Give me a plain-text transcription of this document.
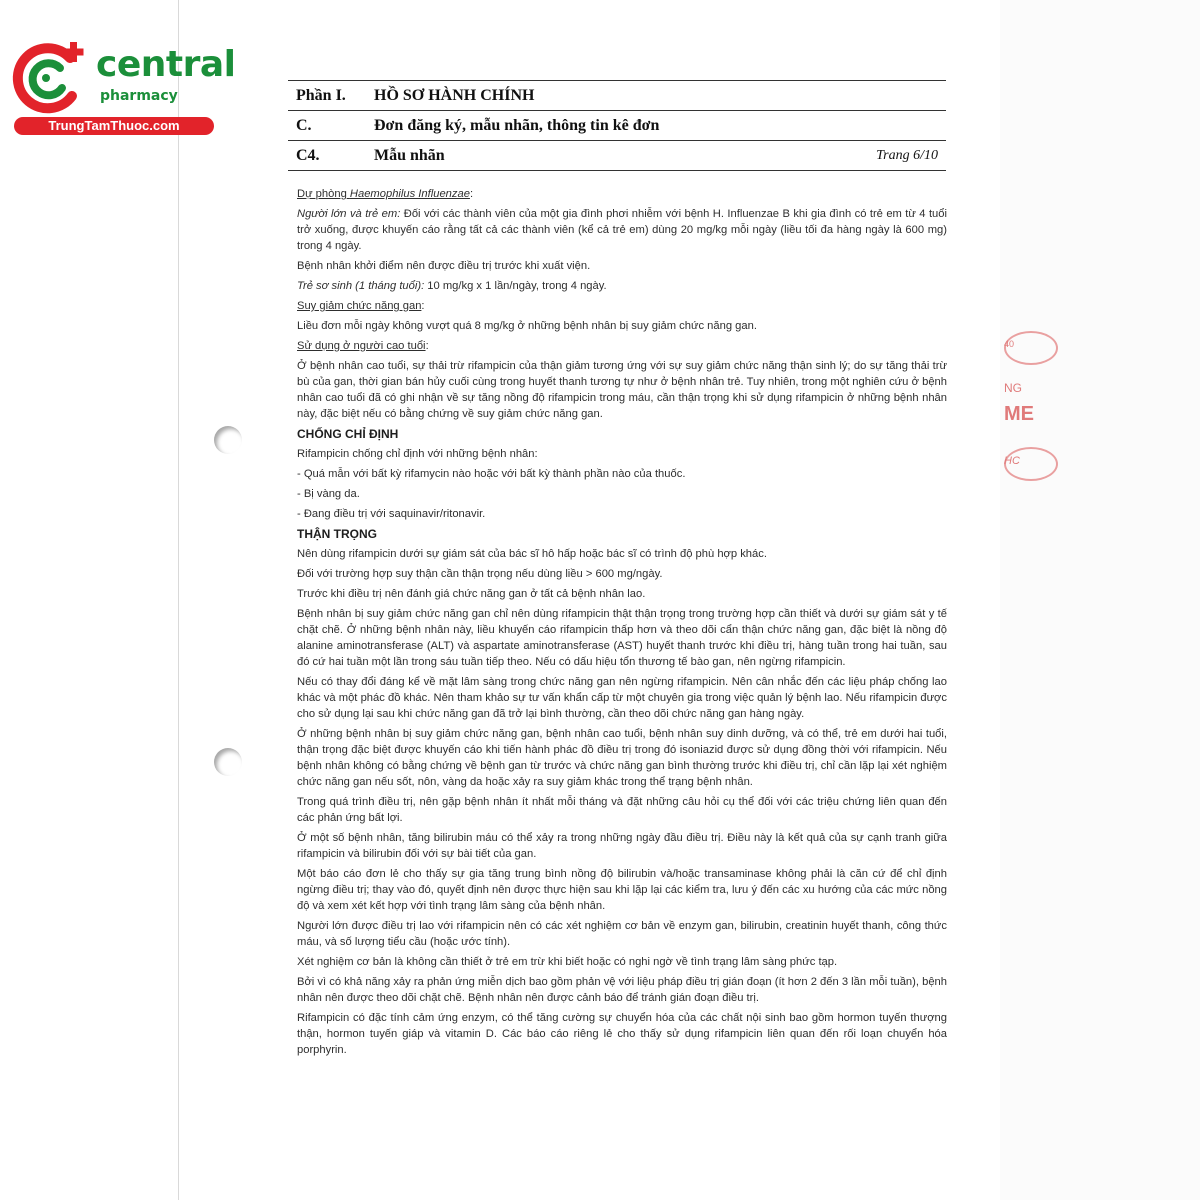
central
pharmacy
TrungTamThuoc.com
Phần I. HỒ SƠ HÀNH CHÍNH
C.	Đơn đăng ký, mẫu nhãn, thông tin kê đơn
C4.	Mẫu nhãn	Trang 6/10

Dự phòng Haemophilus Influenzae:

Người lớn và trẻ em: Đối với các thành viên của một gia đình phơi nhiễm với bệnh H. Influenzae B khi gia đình có trẻ em từ 4 tuổi trở xuống, được khuyến cáo rằng tất cả các thành viên (kể cả trẻ em) dùng 20 mg/kg mỗi ngày (liều tối đa hàng ngày là 600 mg) trong 4 ngày.

Bệnh nhân khởi điểm nên được điều trị trước khi xuất viện.

Trẻ sơ sinh (1 tháng tuổi): 10 mg/kg x 1 lần/ngày, trong 4 ngày.

Suy giảm chức năng gan:

Liều đơn mỗi ngày không vượt quá 8 mg/kg ở những bệnh nhân bị suy giảm chức năng gan.

Sử dụng ở người cao tuổi:

Ở bệnh nhân cao tuổi, sự thải trừ rifampicin của thận giảm tương ứng với sự suy giảm chức năng thận sinh lý; do sự tăng thải trừ bù của gan, thời gian bán hủy cuối cùng trong huyết thanh tương tự như ở bệnh nhân trẻ. Tuy nhiên, trong một nghiên cứu ở bệnh nhân cao tuổi đã có ghi nhận về sự tăng nồng độ rifampicin trong máu, cần thận trọng khi sử dụng rifampicin ở những bệnh nhân này, đặc biệt nếu có bằng chứng về suy giảm chức năng gan.

CHỐNG CHỈ ĐỊNH

Rifampicin chống chỉ định với những bệnh nhân:

- Quá mẫn với bất kỳ rifamycin nào hoặc với bất kỳ thành phần nào của thuốc.

- Bị vàng da.

- Đang điều trị với saquinavir/ritonavir.

THẬN TRỌNG

Nên dùng rifampicin dưới sự giám sát của bác sĩ hô hấp hoặc bác sĩ có trình độ phù hợp khác.

Đối với trường hợp suy thận cần thận trọng nếu dùng liều > 600 mg/ngày.

Trước khi điều trị nên đánh giá chức năng gan ở tất cả bệnh nhân lao.

Bệnh nhân bị suy giảm chức năng gan chỉ nên dùng rifampicin thật thận trọng trong trường hợp cần thiết và dưới sự giám sát y tế chặt chẽ. Ở những bệnh nhân này, liều khuyến cáo rifampicin thấp hơn và theo dõi cẩn thận chức năng gan, đặc biệt là nồng độ alanine aminotransferase (ALT) và aspartate aminotransferase (AST) huyết thanh trước khi điều trị, hàng tuần trong hai tuần, sau đó cứ hai tuần một lần trong sáu tuần tiếp theo. Nếu có dấu hiệu tổn thương tế bào gan, nên ngừng rifampicin.

Nếu có thay đổi đáng kể về mặt lâm sàng trong chức năng gan nên ngừng rifampicin. Nên cân nhắc đến các liệu pháp chống lao khác và một phác đồ khác. Nên tham khảo sự tư vấn khẩn cấp từ một chuyên gia trong việc quản lý bệnh lao. Nếu rifampicin được cho sử dụng lại sau khi chức năng gan đã trở lại bình thường, cần theo dõi chức năng gan hàng ngày.

Ở những bệnh nhân bị suy giảm chức năng gan, bệnh nhân cao tuổi, bệnh nhân suy dinh dưỡng, và có thể, trẻ em dưới hai tuổi, thận trọng đặc biệt được khuyến cáo khi tiến hành phác đồ điều trị trong đó isoniazid được sử dụng đồng thời với rifampicin. Nếu bệnh nhân không có bằng chứng về bệnh gan từ trước và chức năng gan bình thường trước khi điều trị, chỉ cần lặp lại xét nghiệm chức năng gan nếu sốt, nôn, vàng da hoặc xảy ra suy giảm khác trong thể trạng bệnh nhân.

Trong quá trình điều trị, nên gặp bệnh nhân ít nhất mỗi tháng và đặt những câu hỏi cụ thể đối với các triệu chứng liên quan đến các phản ứng bất lợi.

Ở một số bệnh nhân, tăng bilirubin máu có thể xảy ra trong những ngày đầu điều trị. Điều này là kết quả của sự cạnh tranh giữa rifampicin và bilirubin đối với sự bài tiết của gan.

Một báo cáo đơn lẻ cho thấy sự gia tăng trung bình nồng độ bilirubin và/hoặc transaminase không phải là căn cứ để chỉ định ngừng điều trị; thay vào đó, quyết định nên được thực hiện sau khi lặp lại các kiểm tra, lưu ý đến các xu hướng của các mức nồng độ và xem xét kết hợp với tình trạng lâm sàng của bệnh nhân.

Người lớn được điều trị lao với rifampicin nên có các xét nghiệm cơ bản về enzym gan, bilirubin, creatinin huyết thanh, công thức máu, và số lượng tiểu cầu (hoặc ước tính).

Xét nghiệm cơ bản là không cần thiết ở trẻ em trừ khi biết hoặc có nghi ngờ về tình trạng lâm sàng phức tạp.

Bởi vì có khả năng xảy ra phản ứng miễn dịch bao gồm phản vệ với liệu pháp điều trị gián đoạn (ít hơn 2 đến 3 lần mỗi tuần), bệnh nhân nên được theo dõi chặt chẽ. Bệnh nhân nên được cảnh báo để tránh gián đoạn điều trị.

Rifampicin có đặc tính cảm ứng enzym, có thể tăng cường sự chuyển hóa của các chất nội sinh bao gồm hormon tuyến thượng thận, hormon tuyến giáp và vitamin D. Các báo cáo riêng lẻ cho thấy sử dụng rifampicin liên quan đến rối loạn chuyển hóa porphyrin.

40
NG
ME
HC
